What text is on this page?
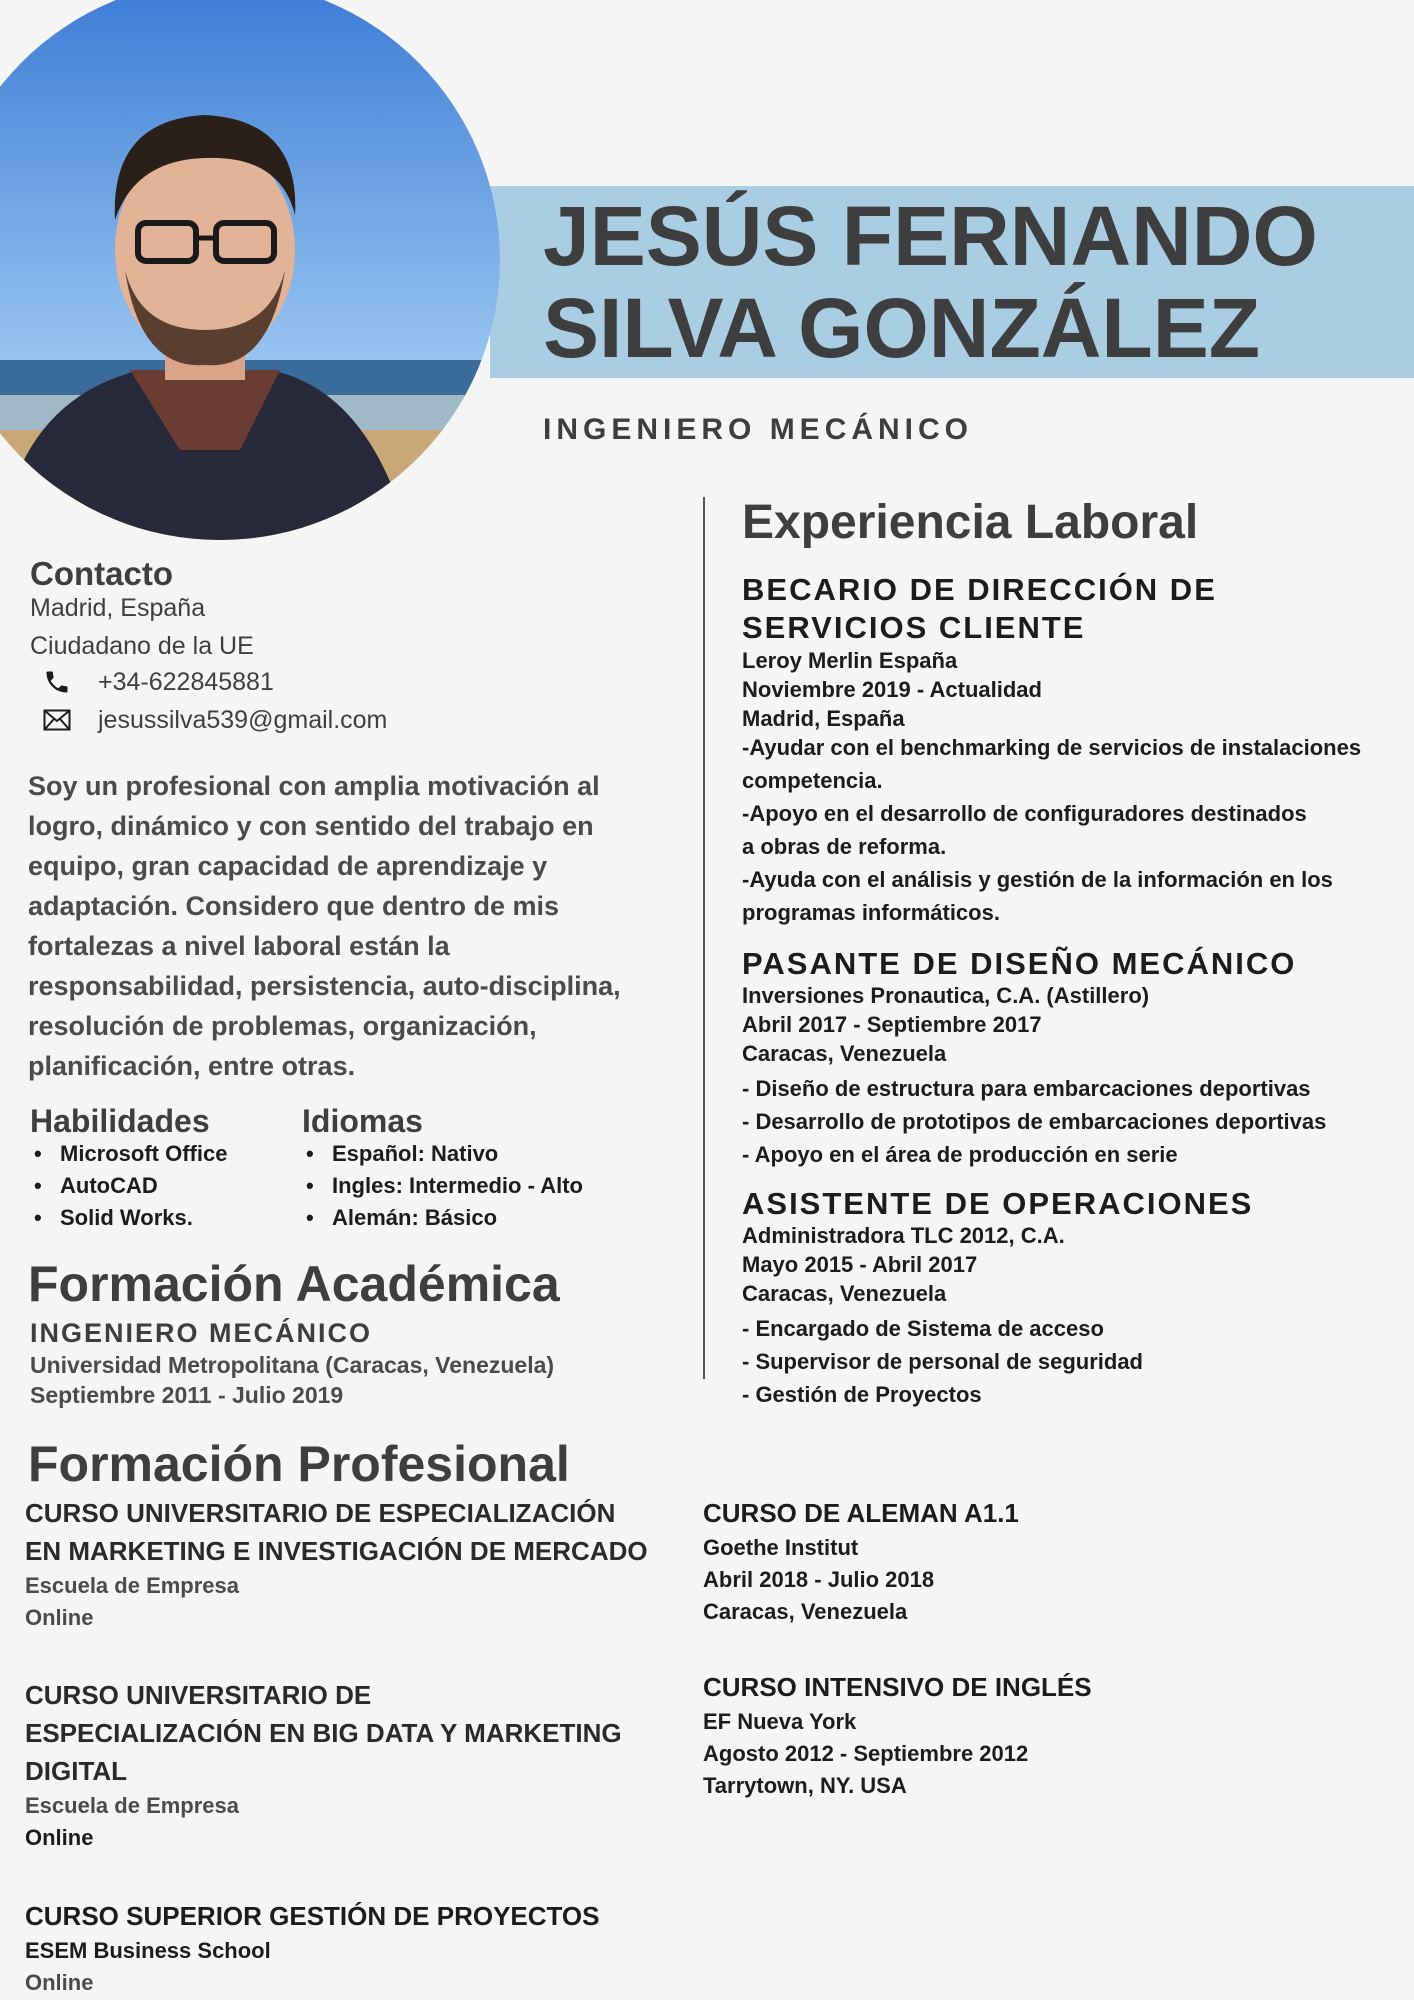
JESÚS FERNANDO
SILVA GONZÁLEZ
INGENIERO MECÁNICO
Contacto
Madrid, España
Ciudadano de la UE
+34-622845881
jesussilva539@gmail.com
Soy un profesional con amplia motivación al logro, dinámico y con sentido del trabajo en equipo, gran capacidad de aprendizaje y adaptación. Considero que dentro de mis fortalezas a nivel laboral están la responsabilidad, persistencia, auto-disciplina, resolución de problemas, organización, planificación, entre otras.
Habilidades
• Microsoft Office
• AutoCAD
• Solid Works.
Idiomas
• Español: Nativo
• Ingles: Intermedio - Alto
• Alemán: Básico
Formación Académica
INGENIERO MECÁNICO
Universidad Metropolitana (Caracas, Venezuela)
Septiembre 2011 - Julio 2019
Formación Profesional
CURSO UNIVERSITARIO DE ESPECIALIZACIÓN
EN MARKETING E INVESTIGACIÓN DE MERCADO
Escuela de Empresa
Online
CURSO UNIVERSITARIO DE
ESPECIALIZACIÓN EN BIG DATA Y MARKETING
DIGITAL
Escuela de Empresa
Online
CURSO SUPERIOR GESTIÓN DE PROYECTOS
ESEM Business School
Online
CURSO DE ALEMAN A1.1
Goethe Institut
Abril 2018 - Julio 2018
Caracas, Venezuela
CURSO INTENSIVO DE INGLÉS
EF Nueva York
Agosto 2012 - Septiembre 2012
Tarrytown, NY. USA
Experiencia Laboral
BECARIO DE DIRECCIÓN DE
SERVICIOS CLIENTE
Leroy Merlin España
Noviembre 2019 - Actualidad
Madrid, España
-Ayudar con el benchmarking de servicios de instalaciones
competencia.
-Apoyo en el desarrollo de configuradores destinados
a obras de reforma.
-Ayuda con el análisis y gestión de la información en los
programas informáticos.
PASANTE DE DISEÑO MECÁNICO
Inversiones Pronautica, C.A. (Astillero)
Abril 2017 - Septiembre 2017
Caracas, Venezuela
- Diseño de estructura para embarcaciones deportivas
- Desarrollo de prototipos de embarcaciones deportivas
- Apoyo en el área de producción en serie
ASISTENTE DE OPERACIONES
Administradora TLC 2012, C.A.
Mayo 2015 - Abril 2017
Caracas, Venezuela
- Encargado de Sistema de acceso
- Supervisor de personal de seguridad
- Gestión de Proyectos
